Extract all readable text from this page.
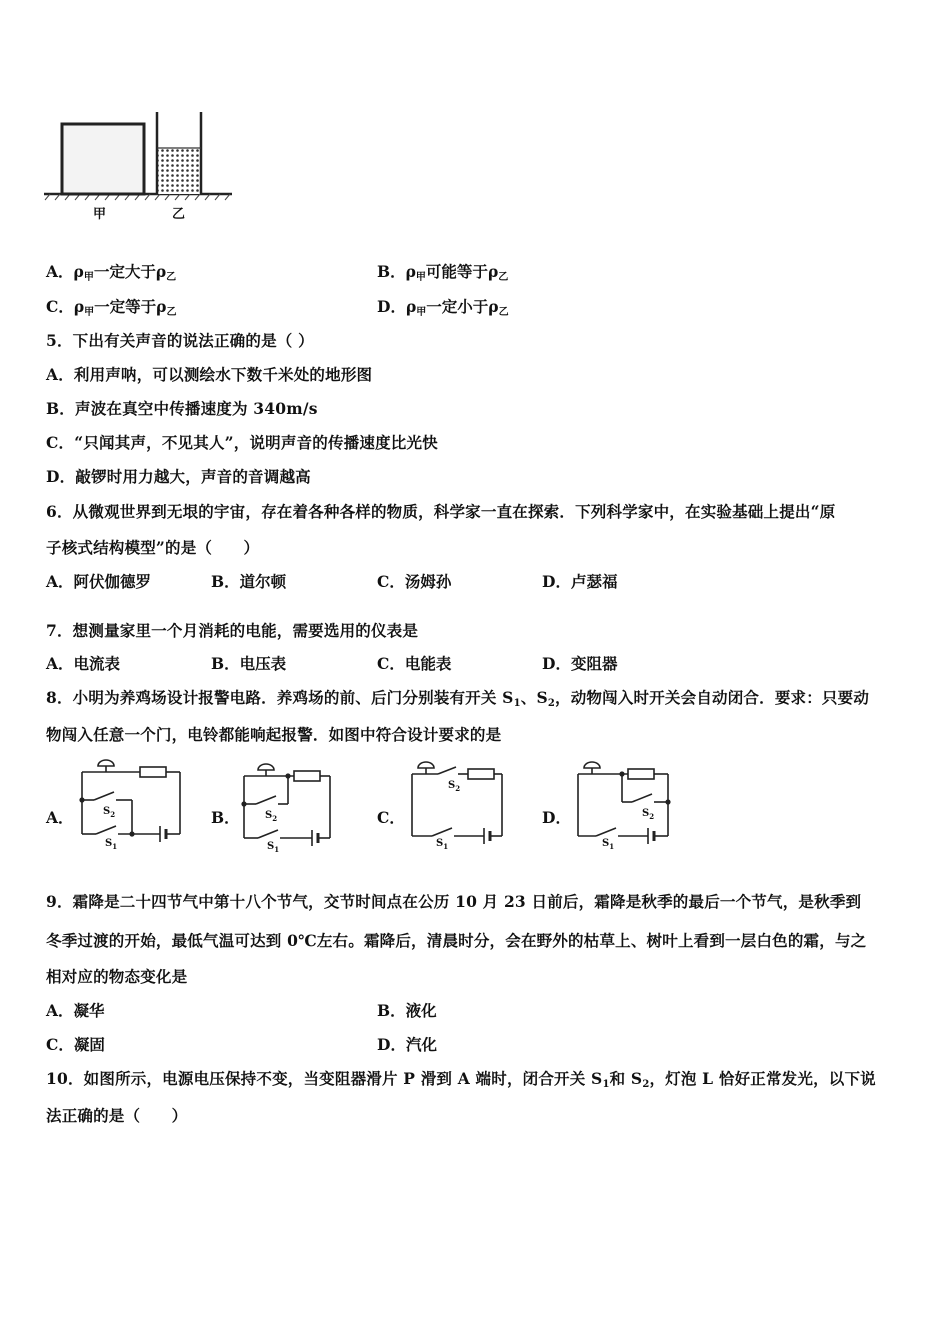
甲	乙
A．ρ甲一定大于ρ乙	B．ρ甲可能等于ρ乙
C．ρ甲一定等于ρ乙	D．ρ甲一定小于ρ乙
5．下出有关声音的说法正确的是（ ）
A．利用声呐，可以测绘水下数千米处的地形图
B．声波在真空中传播速度为 340m/s
C．“只闻其声，不见其人”，说明声音的传播速度比光快
D．敲锣时用力越大，声音的音调越高
6．从微观世界到无垠的宇宙，存在着各种各样的物质，科学家一直在探索．下列科学家中，在实验基础上提出“原
子核式结构模型”的是（　　）
A．阿伏伽德罗	B．道尔顿	C．汤姆孙	D．卢瑟福
7．想测量家里一个月消耗的电能，需要选用的仪表是
A．电流表	B．电压表	C．电能表	D．变阻器
8．小明为养鸡场设计报警电路．养鸡场的前、后门分别装有开关 $S_1$、$S_2$，动物闯入时开关会自动闭合．要求：只要动
物闯入任意一个门，电铃都能响起报警．如图中符合设计要求的是
A．	B．	C．	D．
$S_2$
$S_1$
$S_2$
$S_1$
$S_2$
$S_1$
$S_2$
$S_1$
9．霜降是二十四节气中第十八个节气，交节时间点在公历 10 月 23 日前后，霜降是秋季的最后一个节气，是秋季到
冬季过渡的开始，最低气温可达到 0℃左右。霜降后，清晨时分，会在野外的枯草上、树叶上看到一层白色的霜，与之
相对应的物态变化是
A．凝华	B．液化
C．凝固	D．汽化
10．如图所示，电源电压保持不变，当变阻器滑片 P 滑到 A 端时，闭合开关 $S_1$和 $S_2$，灯泡 L 恰好正常发光，以下说
法正确的是（　　）
